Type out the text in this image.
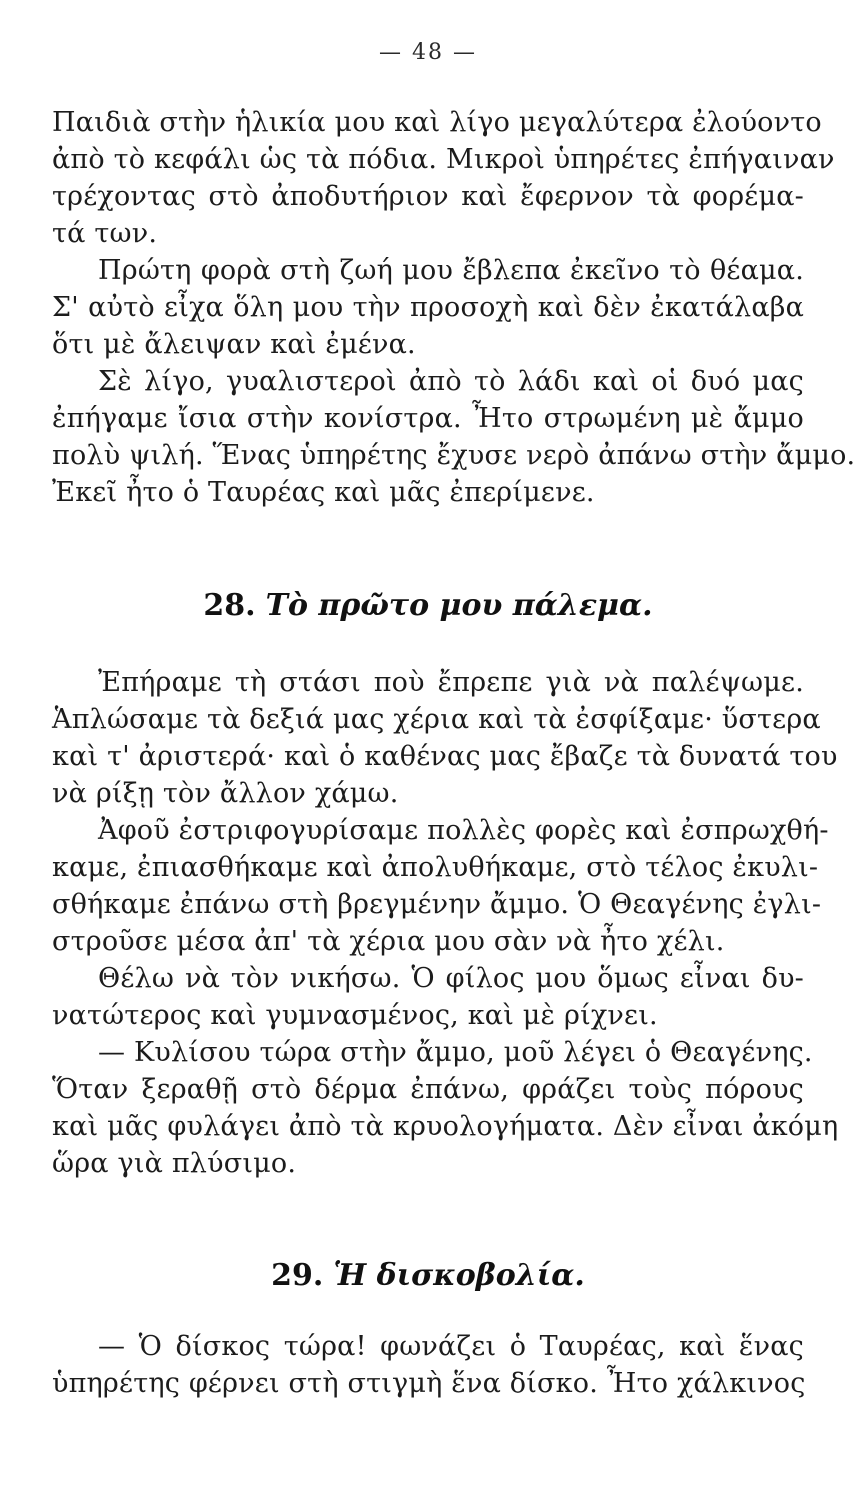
— 48 —
Παιδιὰ στὴν ἡλικία μου καὶ λίγο μεγαλύτερα ἐλούοντο
ἀπὸ τὸ κεφάλι ὡς τὰ πόδια. Μικροὶ ὑπηρέτες ἐπήγαιναν
τρέχοντας στὸ ἀποδυτήριον καὶ ἔφερνον τὰ φορέμα-
τά των.
Πρώτη φορὰ στὴ ζωή μου ἔβλεπα ἐκεῖνο τὸ θέαμα.
Σ' αὐτὸ εἶχα ὅλη μου τὴν προσοχὴ καὶ δὲν ἐκατάλαβα
ὅτι μὲ ἄλειψαν καὶ ἐμένα.
Σὲ λίγο, γυαλιστεροὶ ἀπὸ τὸ λάδι καὶ οἱ δυό μας
ἐπήγαμε ἴσια στὴν κονίστρα. Ἦτο στρωμένη μὲ ἄμμο
πολὺ ψιλή. Ἕνας ὑπηρέτης ἔχυσε νερὸ ἀπάνω στὴν ἄμμο.
Ἐκεῖ ἦτο ὁ Ταυρέας καὶ μᾶς ἐπερίμενε.
28. Τὸ πρῶτο μου πάλεμα.
Ἐπήραμε τὴ στάσι ποὺ ἔπρεπε γιὰ νὰ παλέψωμε.
Ἁπλώσαμε τὰ δεξιά μας χέρια καὶ τὰ ἐσφίξαμε· ὕστερα
καὶ τ' ἀριστερά· καὶ ὁ καθένας μας ἔβαζε τὰ δυνατά του
νὰ ρίξῃ τὸν ἄλλον χάμω.
Ἀφοῦ ἐστριφογυρίσαμε πολλὲς φορὲς καὶ ἐσπρωχθή-
καμε, ἐπιασθήκαμε καὶ ἀπολυθήκαμε, στὸ τέλος ἐκυλι-
σθήκαμε ἐπάνω στὴ βρεγμένην ἄμμο. Ὁ Θεαγένης ἐγλι-
στροῦσε μέσα ἀπ' τὰ χέρια μου σὰν νὰ ἦτο χέλι.
Θέλω νὰ τὸν νικήσω. Ὁ φίλος μου ὅμως εἶναι δυ-
νατώτερος καὶ γυμνασμένος, καὶ μὲ ρίχνει.
— Κυλίσου τώρα στὴν ἄμμο, μοῦ λέγει ὁ Θεαγένης.
Ὅταν ξεραθῇ στὸ δέρμα ἐπάνω, φράζει τοὺς πόρους
καὶ μᾶς φυλάγει ἀπὸ τὰ κρυολογήματα. Δὲν εἶναι ἀκόμη
ὥρα γιὰ πλύσιμο.
29. Ἡ δισκοβολία.
— Ὁ δίσκος τώρα! φωνάζει ὁ Ταυρέας, καὶ ἕνας
ὑπηρέτης φέρνει στὴ στιγμὴ ἕνα δίσκο. Ἦτο χάλκινος
